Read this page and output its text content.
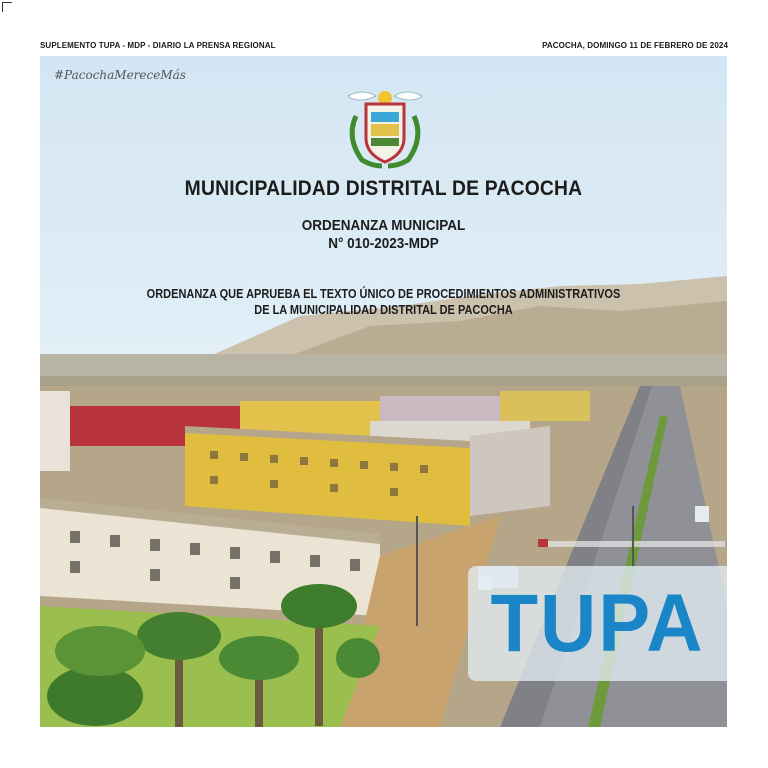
SUPLEMENTO TUPA - MDP - DIARIO LA PRENSA REGIONAL	PACOCHA, DOMINGO 11 DE FEBRERO DE 2024
#PacochaMereceMás
MUNICIPALIDAD DISTRITAL DE PACOCHA
ORDENANZA MUNICIPAL
N° 010-2023-MDP
ORDENANZA QUE APRUEBA EL TEXTO ÚNICO DE PROCEDIMIENTOS ADMINISTRATIVOS
DE LA MUNICIPALIDAD DISTRITAL DE PACOCHA
TUPA
